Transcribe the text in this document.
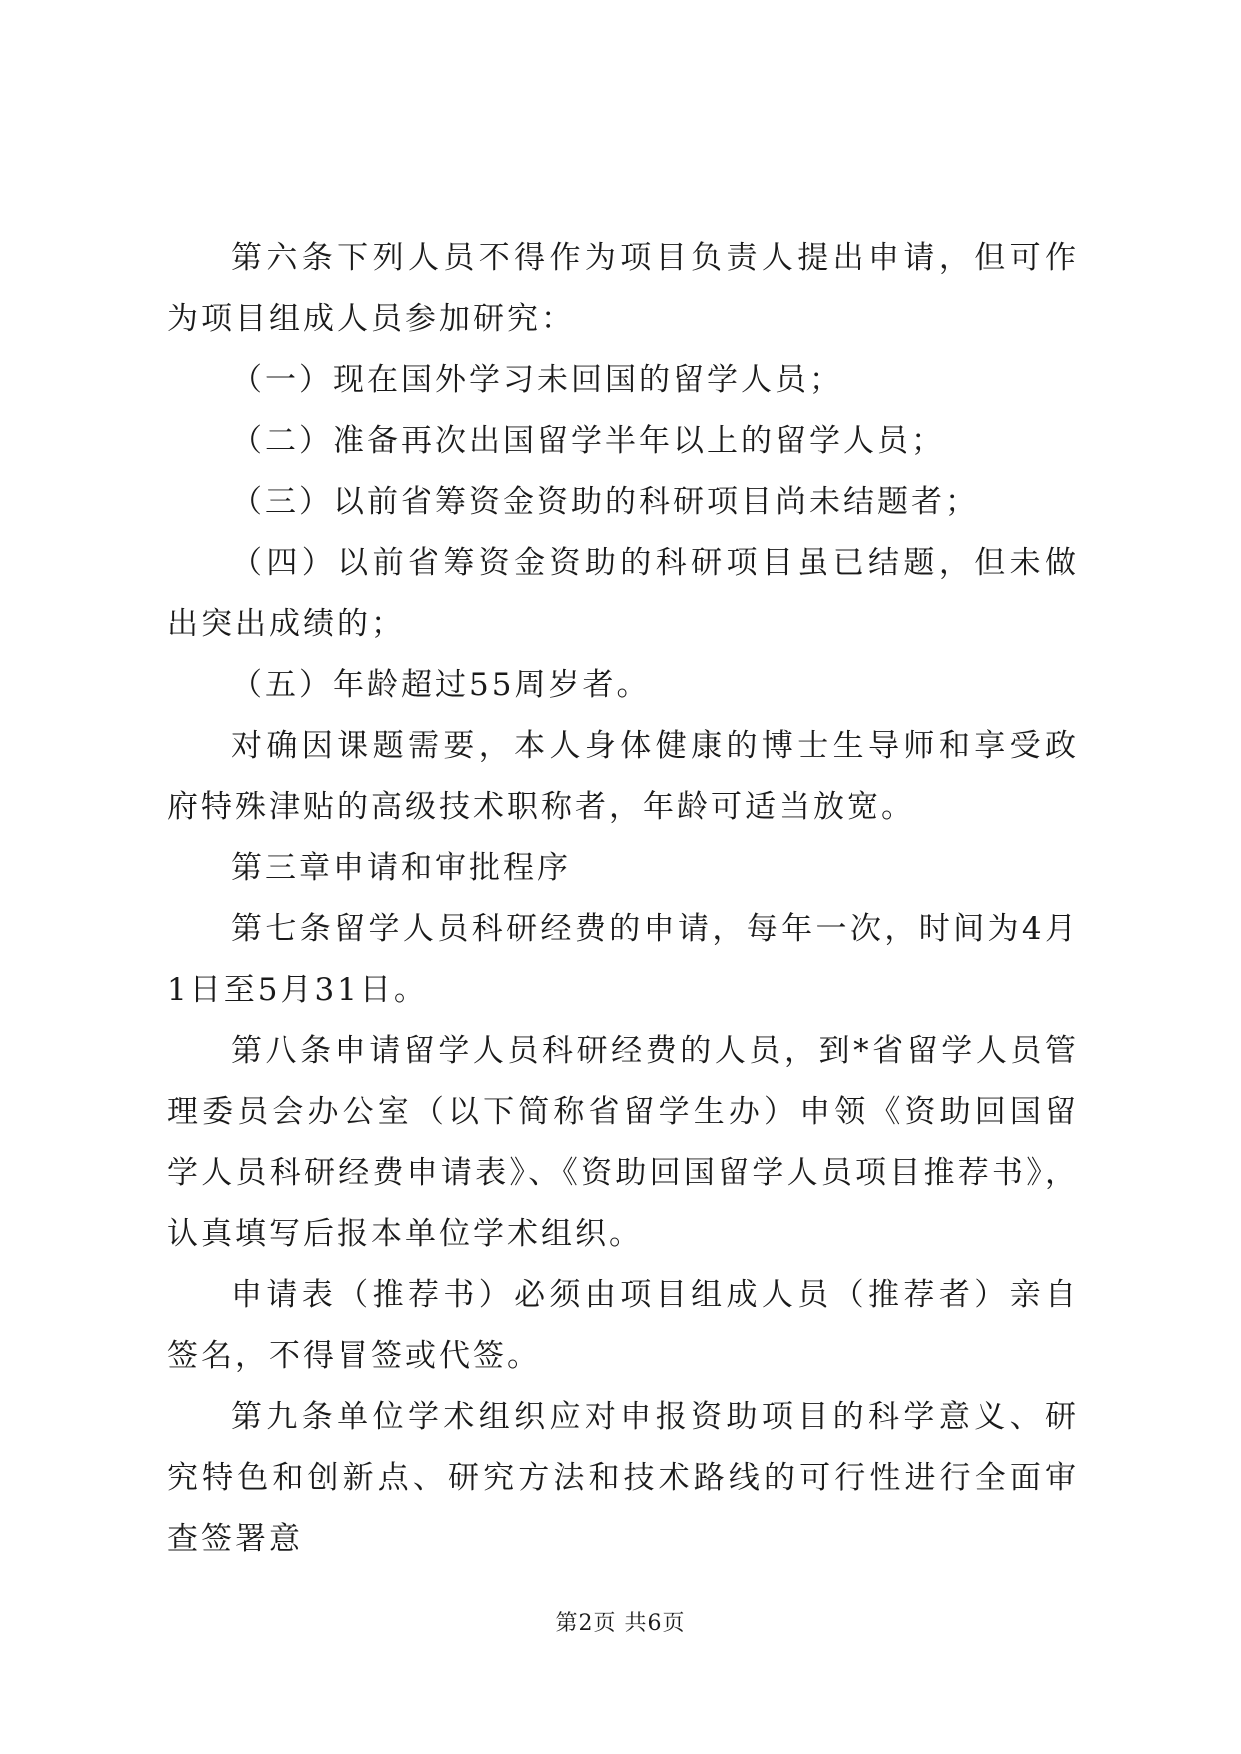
第六条下列人员不得作为项目负责人提出申请，但可作为项目组成人员参加研究：

（一）现在国外学习未回国的留学人员；

（二）准备再次出国留学半年以上的留学人员；

（三）以前省筹资金资助的科研项目尚未结题者；

（四）以前省筹资金资助的科研项目虽已结题，但未做出突出成绩的；

（五）年龄超过55周岁者。

对确因课题需要，本人身体健康的博士生导师和享受政府特殊津贴的高级技术职称者，年龄可适当放宽。

第三章申请和审批程序

第七条留学人员科研经费的申请，每年一次，时间为4月1日至5月31日。

第八条申请留学人员科研经费的人员，到*省留学人员管理委员会办公室（以下简称省留学生办）申领《资助回国留学人员科研经费申请表》、《资助回国留学人员项目推荐书》，认真填写后报本单位学术组织。

申请表（推荐书）必须由项目组成人员（推荐者）亲自签名，不得冒签或代签。

第九条单位学术组织应对申报资助项目的科学意义、研究特色和创新点、研究方法和技术路线的可行性进行全面审查签署意

第2页 共6页
